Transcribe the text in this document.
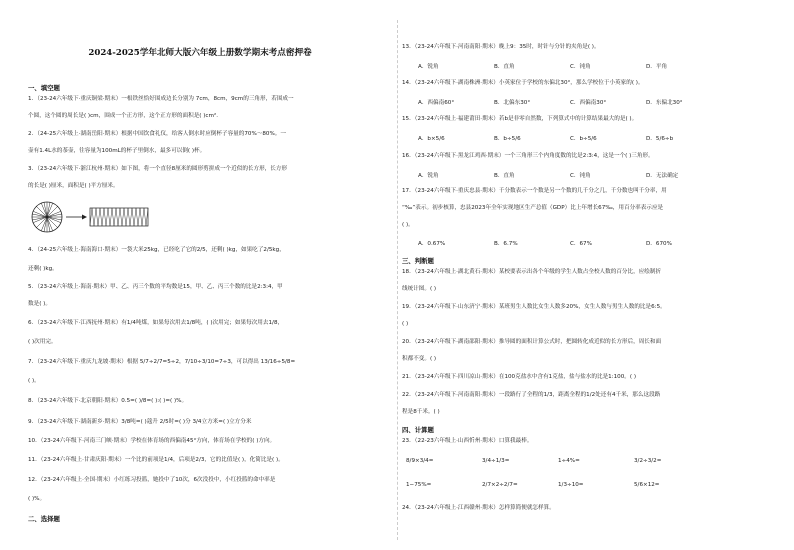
2024-2025学年北师大版六年级上册数学期末考点密押卷
一、填空题
1．（23-24六年级下·重庆铜梁·期末）一根铁丝恰好围成边长分别为 7cm，8cm，9cm的三角形，若围成一
个圆，这个圆的周长是( )cm，围成一个正方形，这个正方形的面积是( )cm².
2．（24-25六年级上·湖南岳阳·期末）根据中国饮食礼仪，给客人倒水时应倒杯子容量的70%～80%。一
壶有1.4L水的茶壶，往容量为100mL的杯子里倒水，最多可以倒( )杯。
3．（23-24六年级下·浙江杭州·期末）如下图，将一个直径8厘米的圆形剪拼成一个近似的长方形，长方形
的长是( )厘米，面积是( )平方厘米。
4．（24-25六年级上·海南海口·期末）一袋大米25kg，已经吃了它的2/5，还剩( )kg，如果吃了2/5kg，
还剩( )kg。
5．（23-24六年级上·海南·期末）甲、乙、丙三个数的平均数是15，甲、乙、丙三个数的比是2:3:4，甲
数是( )。
6．（23-24六年级下·江西抚州·期末）有1/4吨煤，如果每次用去1/8吨，( )次用完；如果每次用去1/8，
( )次用完。
7．（23-24六年级下·重庆九龙坡·期末）根据 5/7÷2/7=5÷2，7/10÷3/10=7÷3，可以得出 13/16÷5/8=
( )。
8．（23-24六年级下·北京朝阳·期末）0.5=( )/8=( ):( )=( )%。
9．（23-24六年级下·湖南新乡·期末）3/8吨=( )蔻升 2/5时=( )分 3/4立方米=( )立方分米
10．（23-24六年级下·河南三门峡·期末）学校在体育场的西偏南45°方向，体育场在学校的( )方向。
11．（23-24六年级上·甘肃庆阳·期末）一个比的前项是1/4，后项是2/3，它的比值是( )，化简比是( )。
12．（23-24六年级上·全国·期末）小红练习投篮，她投中了10次，6次没投中，小红投篮的命中率是
( )%。
二、选择题
13．（23-24六年级下·河南南阳·期末）晚上9：35时，时针与分针的夹角是( )。
A．锐角	B．直角	C．钝角	D．平角
14．（23-24六年级下·湖南株洲·期末）小英家位于学校的东偏北30°，那么学校位于小英家的( )。
A．西偏南60°	B．北偏东30°	C．西偏南30°	D．东偏北30°
15．（23-24六年级上·福建莆田·期末）若b是非零自然数，下列算式中的计算结果最大的是( )。
A．b×5/6	B．b÷5/6	C．b÷5/6	D．5/6÷b
16．（23-24六年级下·黑龙江鸡西·期末）一个三角形三个内角度数的比是2:3:4，这是一个( )三角形。
A．锐角	B．直角	C．钝角	D．无法确定
17．（23-24六年级下·重庆忠县·期末）千分数表示一个数是另一个数的几千分之几，千分数也叫千分率，用
“‰”表示。初步核算，忠县2023年全年实现地区生产总值（GDP）比上年增长67‰，用百分率表示应是
( )。
A．0.67%	B．6.7%	C．67%	D．670%
三、判断题
18．（23-24六年级上·湖北黄石·期末）某校要表示出各个年级的学生人数占全校人数的百分比，应绘制折
线统计图。( )
19．（23-24六年级下·山东济宁·期末）某班男生人数比女生人数多20%，女生人数与男生人数的比是6:5。
( )
20．（23-24六年级下·湖南邵阳·期末）推导圆的面积计算公式时，把圆转化成近似的长方形后，周长和面
积都不变。( )
21．（23-24六年级下·四川凉山·期末）在100克盐水中含有1克盐，盐与盐水的比是1:100。( )
22．（23-24六年级下·河南南阳·期末）一段路行了全程的1/3，距离全程的1/2处还有4千米，那么这段路
程是8千米。( )
四、计算题
23．（22-23六年级上·山西忻州·期末）口算我最棒。
8/9×3/4=	3/4÷1/3=	1÷4%=	3/2÷3/2=
1−75%=	2/7×2÷2/7=	1/3÷10=	5/6×12=
24．（23-24六年级上·江西赣州·期末）怎样算简便就怎样算。
